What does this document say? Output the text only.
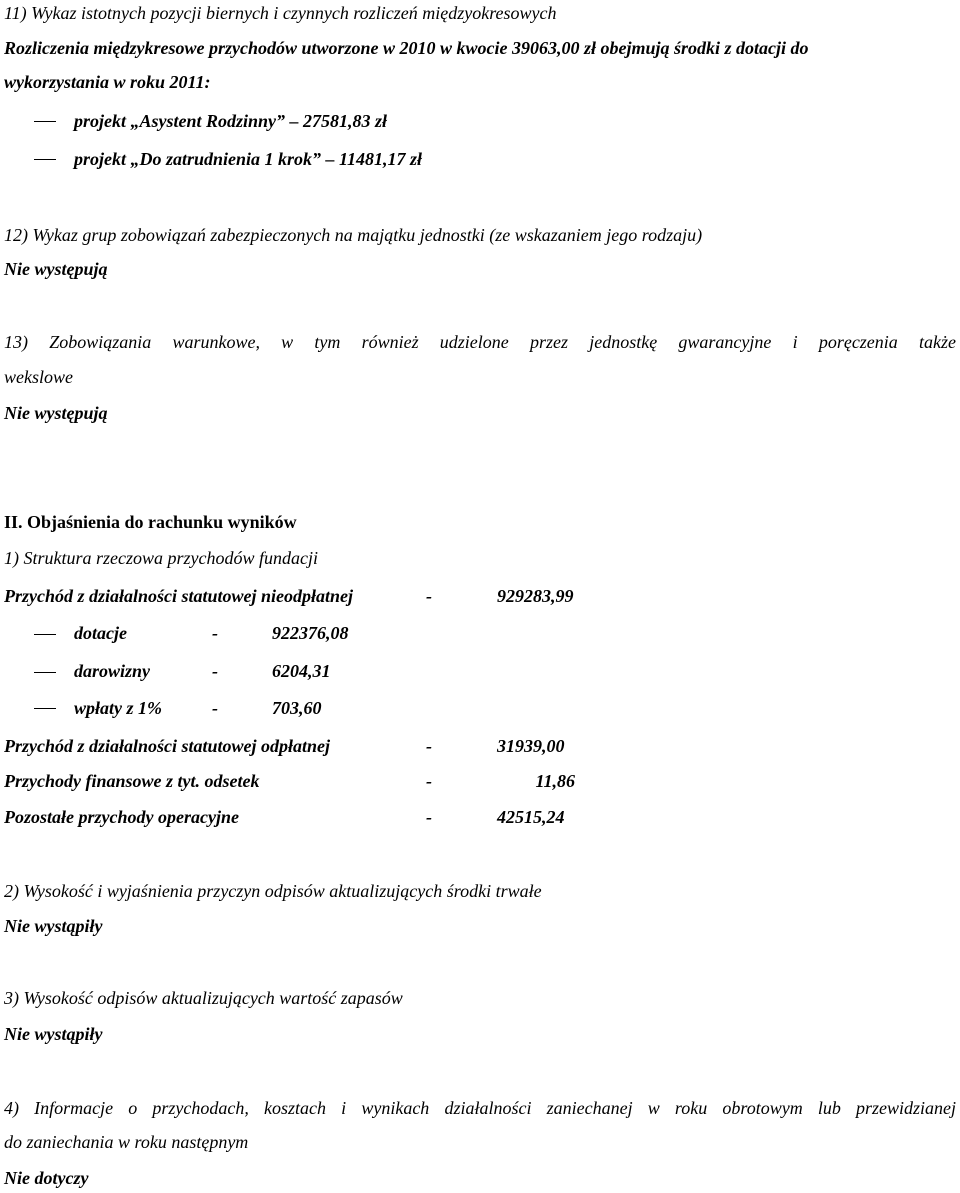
11) Wykaz istotnych pozycji biernych i czynnych rozliczeń międzyokresowych
Rozliczenia międzykresowe przychodów utworzone w 2010 w kwocie 39063,00 zł obejmują środki z dotacji do
wykorzystania w roku 2011:
projekt „Asystent Rodzinny” – 27581,83 zł
projekt „Do zatrudnienia 1 krok” – 11481,17 zł
12) Wykaz grup zobowiązań zabezpieczonych na majątku jednostki (ze wskazaniem jego rodzaju)
Nie występują
13) Zobowiązania warunkowe, w tym również udzielone przez jednostkę gwarancyjne i poręczenia także
wekslowe
Nie występują
II. Objaśnienia do rachunku wyników
1) Struktura rzeczowa przychodów fundacji
Przychód z działalności statutowej nieodpłatnej	-	929283,99
dotacje	-	922376,08
darowizny	-	6204,31
wpłaty z 1%	-	703,60
Przychód z działalności statutowej odpłatnej	-	31939,00
Przychody finansowe z tyt. odsetek	-	11,86
Pozostałe przychody operacyjne	-	42515,24
2) Wysokość i wyjaśnienia przyczyn odpisów aktualizujących środki trwałe
Nie wystąpiły
3) Wysokość odpisów aktualizujących wartość zapasów
Nie wystąpiły
4) Informacje o przychodach, kosztach i wynikach działalności zaniechanej w roku obrotowym lub przewidzianej
do zaniechania w roku następnym
Nie dotyczy
